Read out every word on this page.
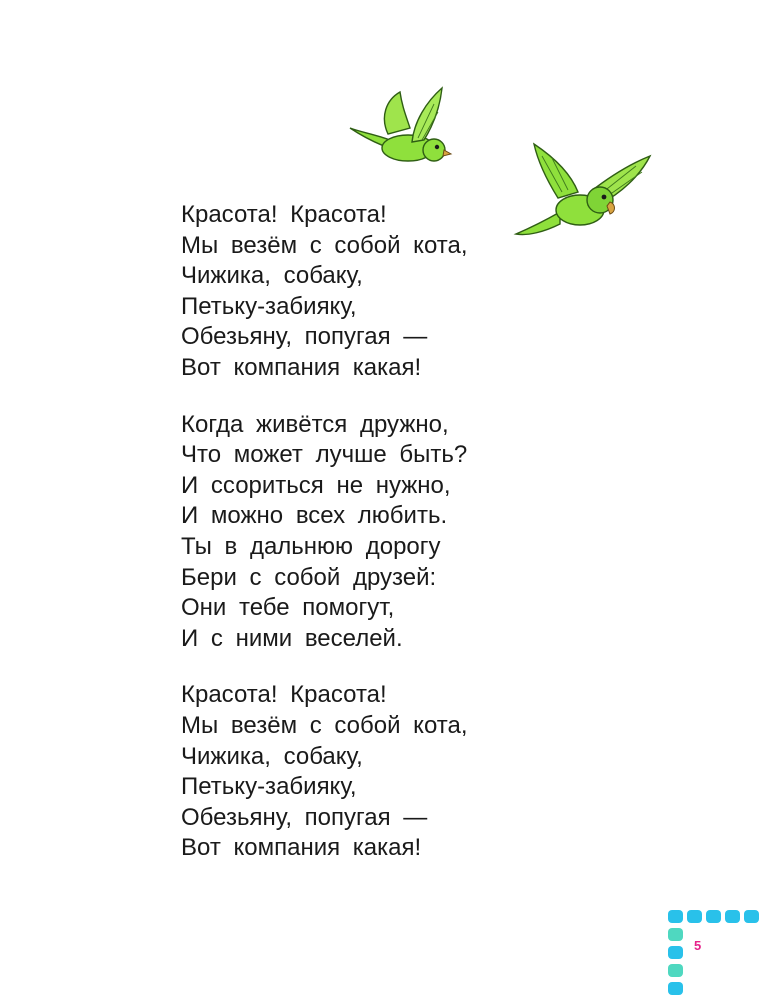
Красота! Красота!
Мы везём с собой кота,
Чижика, собаку,
Петьку-забияку,
Обезьяну, попугая —
Вот компания какая!
Когда живётся дружно,
Что может лучше быть?
И ссориться не нужно,
И можно всех любить.
Ты в дальнюю дорогу
Бери с собой друзей:
Они тебе помогут,
И с ними веселей.
Красота! Красота!
Мы везём с собой кота,
Чижика, собаку,
Петьку-забияку,
Обезьяну, попугая —
Вот компания какая!
5
